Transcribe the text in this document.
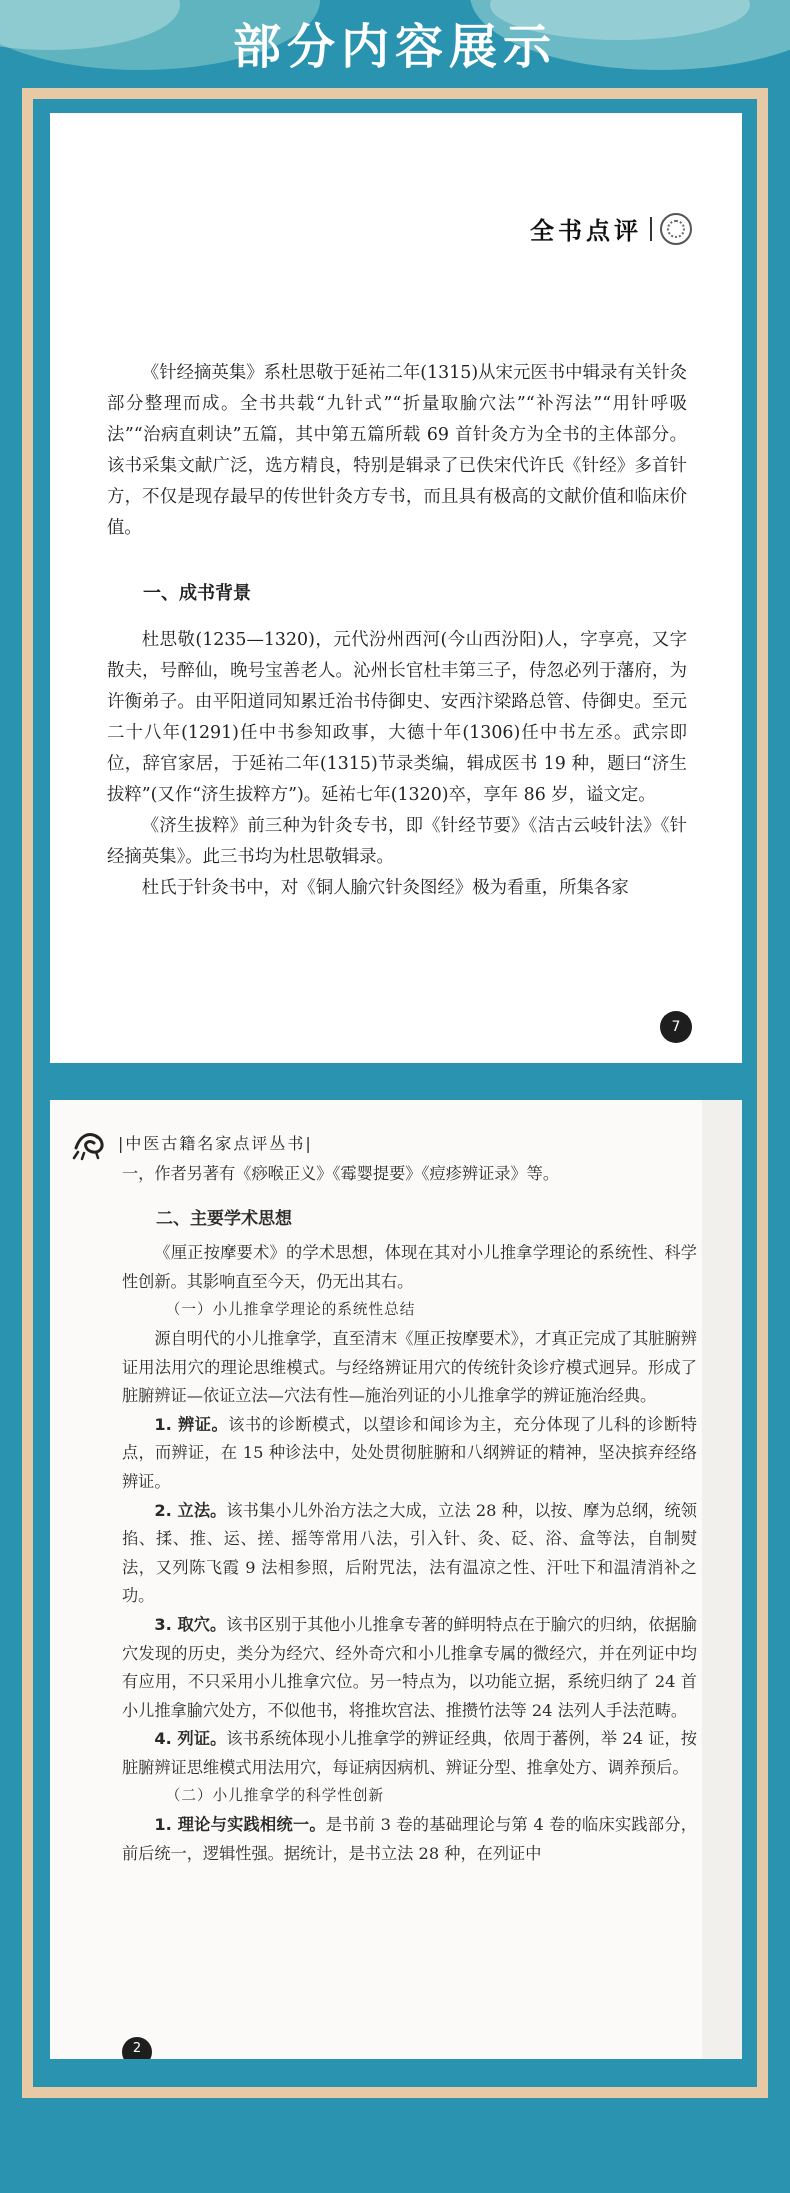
部分内容展示
全书点评

《针经摘英集》系杜思敬于延祐二年(1315)从宋元医书中辑录有关针灸部分整理而成。全书共载“九针式”“折量取腧穴法”“补泻法”“用针呼吸法”“治病直刺诀”五篇，其中第五篇所载 69 首针灸方为全书的主体部分。该书采集文献广泛，选方精良，特别是辑录了已佚宋代许氏《针经》多首针方，不仅是现存最早的传世针灸方专书，而且具有极高的文献价值和临床价值。

一、成书背景

杜思敬(1235—1320)，元代汾州西河(今山西汾阳)人，字享亮，又字散夫，号醉仙，晚号宝善老人。沁州长官杜丰第三子，侍忽必列于藩府，为许衡弟子。由平阳道同知累迁治书侍御史、安西汴梁路总管、侍御史。至元二十八年(1291)任中书参知政事，大德十年(1306)任中书左丞。武宗即位，辞官家居，于延祐二年(1315)节录类编，辑成医书 19 种，题曰“济生拔粹”(又作“济生拔粹方”)。延祐七年(1320)卒，享年 86 岁，谥文定。

《济生拔粹》前三种为针灸专书，即《针经节要》《洁古云岐针法》《针经摘英集》。此三书均为杜思敬辑录。

杜氏于针灸书中，对《铜人腧穴针灸图经》极为看重，所集各家

7
|中医古籍名家点评丛书|

一，作者另著有《痧喉正义》《霉婴提要》《痘疹辨证录》等。

二、主要学术思想

《厘正按摩要术》的学术思想，体现在其对小儿推拿学理论的系统性、科学性创新。其影响直至今天，仍无出其右。

（一）小儿推拿学理论的系统性总结

源自明代的小儿推拿学，直至清末《厘正按摩要术》，才真正完成了其脏腑辨证用法用穴的理论思维模式。与经络辨证用穴的传统针灸诊疗模式迥异。形成了脏腑辨证—依证立法—穴法有性—施治列证的小儿推拿学的辨证施治经典。

1. 辨证。该书的诊断模式，以望诊和闻诊为主，充分体现了儿科的诊断特点，而辨证，在 15 种诊法中，处处贯彻脏腑和八纲辨证的精神，坚决摈弃经络辨证。

2. 立法。该书集小儿外治方法之大成，立法 28 种，以按、摩为总纲，统领掐、揉、推、运、搓、摇等常用八法，引入针、灸、砭、浴、盒等法，自制熨法，又列陈飞霞 9 法相参照，后附咒法，法有温凉之性、汗吐下和温清消补之功。

3. 取穴。该书区别于其他小儿推拿专著的鲜明特点在于腧穴的归纳，依据腧穴发现的历史，类分为经穴、经外奇穴和小儿推拿专属的微经穴，并在列证中均有应用，不只采用小儿推拿穴位。另一特点为，以功能立据，系统归纳了 24 首小儿推拿腧穴处方，不似他书，将推坎宫法、推攒竹法等 24 法列人手法范畴。

4. 列证。该书系统体现小儿推拿学的辨证经典，依周于蕃例，举 24 证，按脏腑辨证思维模式用法用穴，每证病因病机、辨证分型、推拿处方、调养预后。

（二）小儿推拿学的科学性创新

1. 理论与实践相统一。是书前 3 卷的基础理论与第 4 卷的临床实践部分，前后统一，逻辑性强。据统计，是书立法 28 种，在列证中

2
